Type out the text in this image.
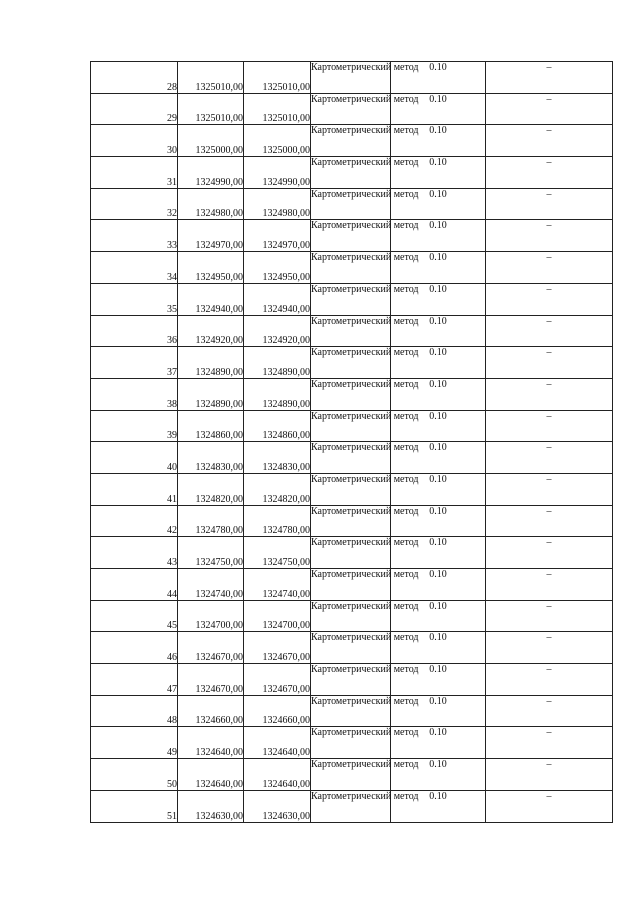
28	1325010,00	1325010,00	Картометрический метод	0.10	–
29	1325010,00	1325010,00	Картометрический метод	0.10	–
30	1325000,00	1325000,00	Картометрический метод	0.10	–
31	1324990,00	1324990,00	Картометрический метод	0.10	–
32	1324980,00	1324980,00	Картометрический метод	0.10	–
33	1324970,00	1324970,00	Картометрический метод	0.10	–
34	1324950,00	1324950,00	Картометрический метод	0.10	–
35	1324940,00	1324940,00	Картометрический метод	0.10	–
36	1324920,00	1324920,00	Картометрический метод	0.10	–
37	1324890,00	1324890,00	Картометрический метод	0.10	–
38	1324890,00	1324890,00	Картометрический метод	0.10	–
39	1324860,00	1324860,00	Картометрический метод	0.10	–
40	1324830,00	1324830,00	Картометрический метод	0.10	–
41	1324820,00	1324820,00	Картометрический метод	0.10	–
42	1324780,00	1324780,00	Картометрический метод	0.10	–
43	1324750,00	1324750,00	Картометрический метод	0.10	–
44	1324740,00	1324740,00	Картометрический метод	0.10	–
45	1324700,00	1324700,00	Картометрический метод	0.10	–
46	1324670,00	1324670,00	Картометрический метод	0.10	–
47	1324670,00	1324670,00	Картометрический метод	0.10	–
48	1324660,00	1324660,00	Картометрический метод	0.10	–
49	1324640,00	1324640,00	Картометрический метод	0.10	–
50	1324640,00	1324640,00	Картометрический метод	0.10	–
51	1324630,00	1324630,00	Картометрический метод	0.10	–
